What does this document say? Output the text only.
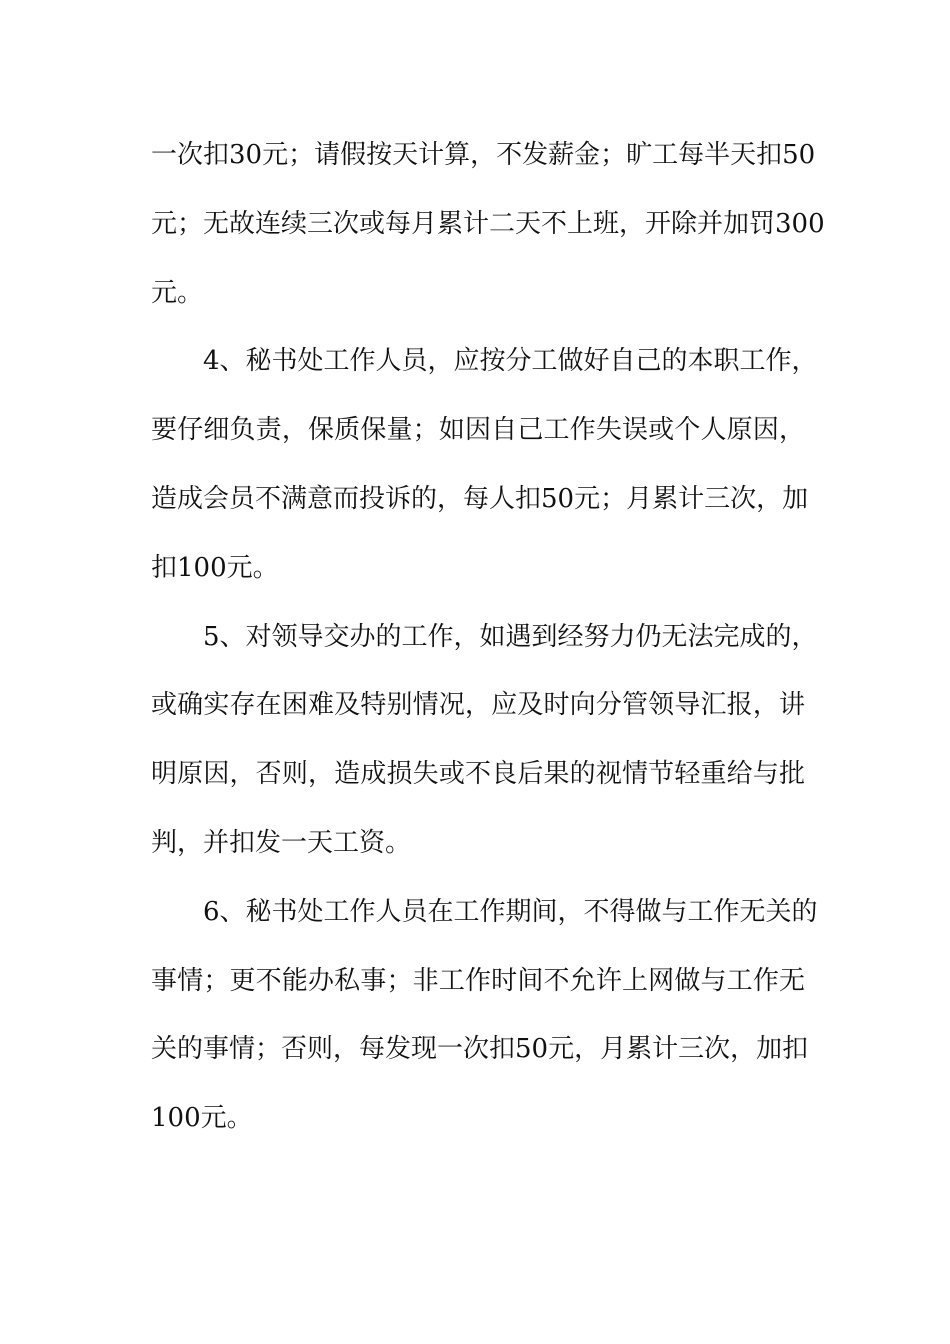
一次扣30元；请假按天计算，不发薪金；旷工每半天扣50
元；无故连续三次或每月累计二天不上班，开除并加罚300
元。
4、秘书处工作人员，应按分工做好自己的本职工作，
要仔细负责，保质保量；如因自己工作失误或个人原因，
造成会员不满意而投诉的，每人扣50元；月累计三次，加
扣100元。
5、对领导交办的工作，如遇到经努力仍无法完成的，
或确实存在困难及特别情况，应及时向分管领导汇报，讲
明原因，否则，造成损失或不良后果的视情节轻重给与批
判，并扣发一天工资。
6、秘书处工作人员在工作期间，不得做与工作无关的
事情；更不能办私事；非工作时间不允许上网做与工作无
关的事情；否则，每发现一次扣50元，月累计三次，加扣
100元。
